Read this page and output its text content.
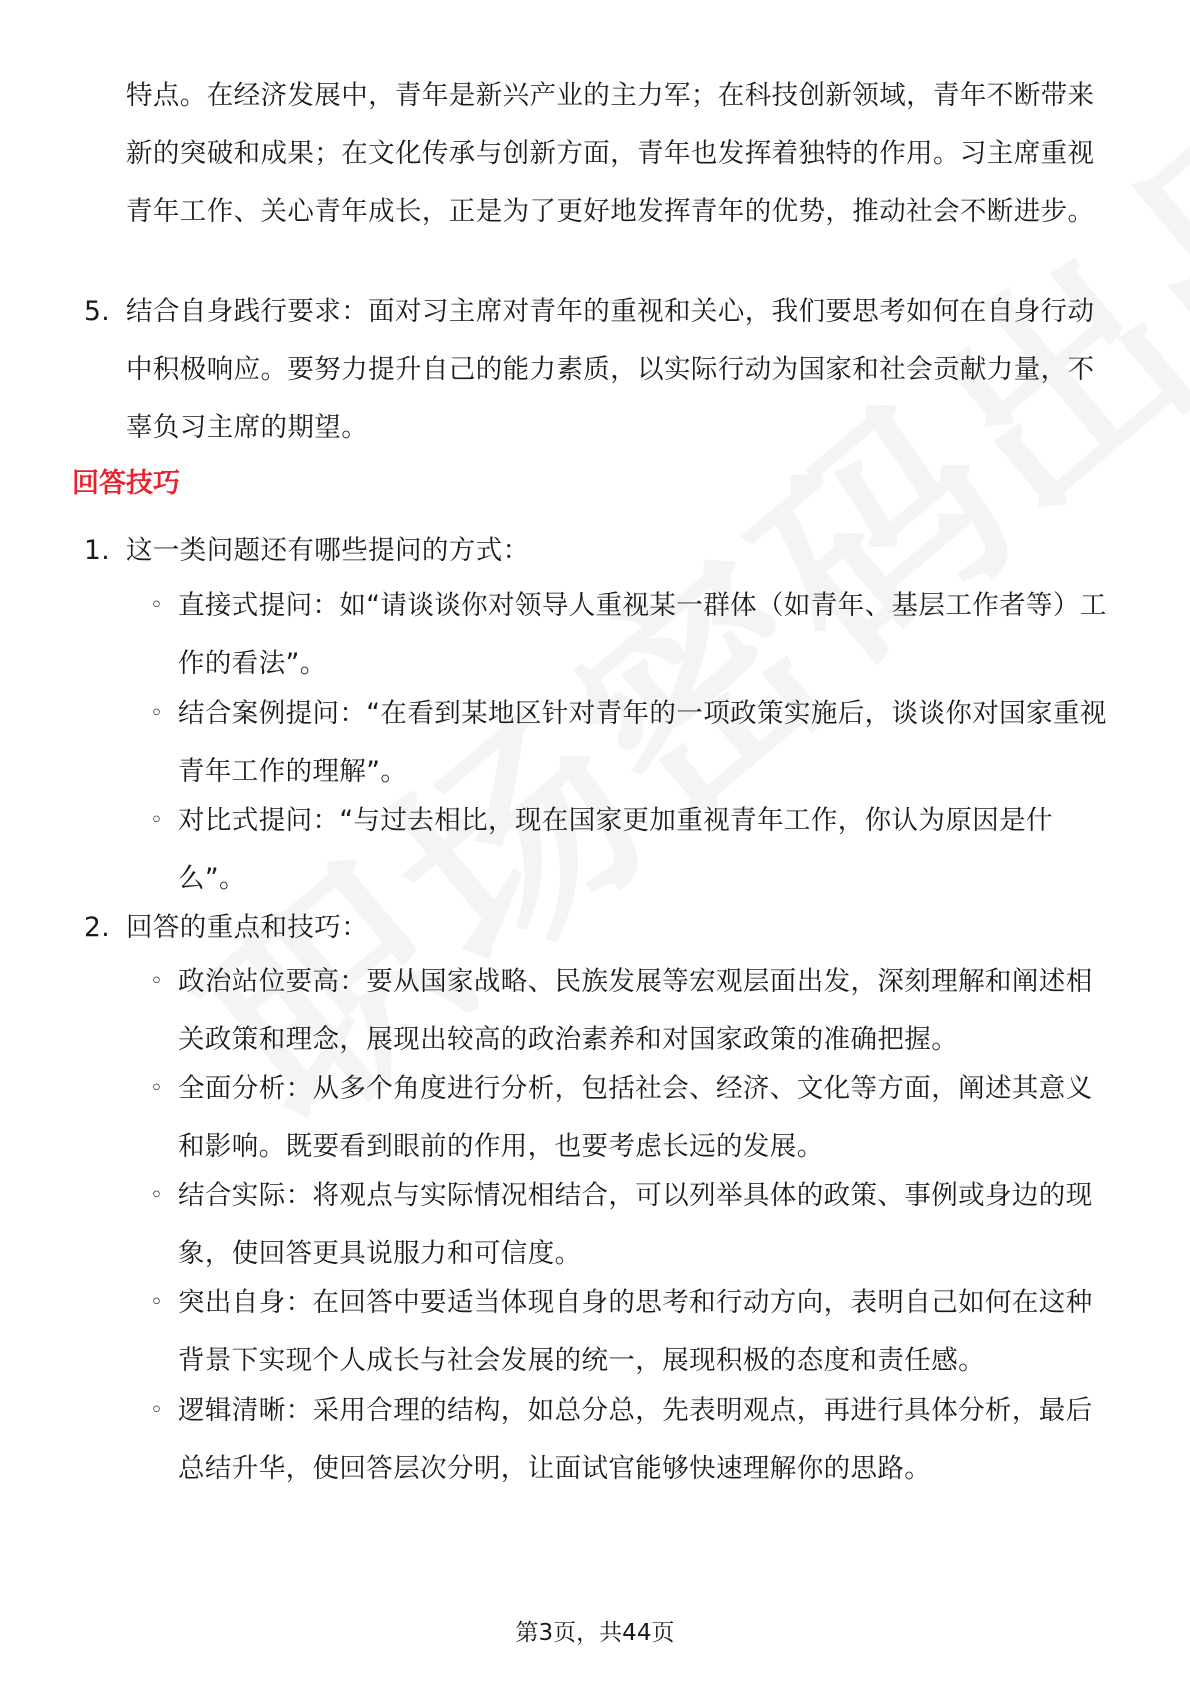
特点。在经济发展中，青年是新兴产业的主力军；在科技创新领域，青年不断带来新的突破和成果；在文化传承与创新方面，青年也发挥着独特的作用。习主席重视青年工作、关心青年成长，正是为了更好地发挥青年的优势，推动社会不断进步。
5. 结合自身践行要求：面对习主席对青年的重视和关心，我们要思考如何在自身行动中积极响应。要努力提升自己的能力素质，以实际行动为国家和社会贡献力量，不辜负习主席的期望。
回答技巧
1. 这一类问题还有哪些提问的方式：
◦ 直接式提问：如“请谈谈你对领导人重视某一群体（如青年、基层工作者等）工作的看法”。
◦ 结合案例提问：“在看到某地区针对青年的一项政策实施后，谈谈你对国家重视青年工作的理解”。
◦ 对比式提问：“与过去相比，现在国家更加重视青年工作，你认为原因是什么”。
2. 回答的重点和技巧：
◦ 政治站位要高：要从国家战略、民族发展等宏观层面出发，深刻理解和阐述相关政策和理念，展现出较高的政治素养和对国家政策的准确把握。
◦ 全面分析：从多个角度进行分析，包括社会、经济、文化等方面，阐述其意义和影响。既要看到眼前的作用，也要考虑长远的发展。
◦ 结合实际：将观点与实际情况相结合，可以列举具体的政策、事例或身边的现象，使回答更具说服力和可信度。
◦ 突出自身：在回答中要适当体现自身的思考和行动方向，表明自己如何在这种背景下实现个人成长与社会发展的统一，展现积极的态度和责任感。
◦ 逻辑清晰：采用合理的结构，如总分总，先表明观点，再进行具体分析，最后总结升华，使回答层次分明，让面试官能够快速理解你的思路。
第3页，共44页
